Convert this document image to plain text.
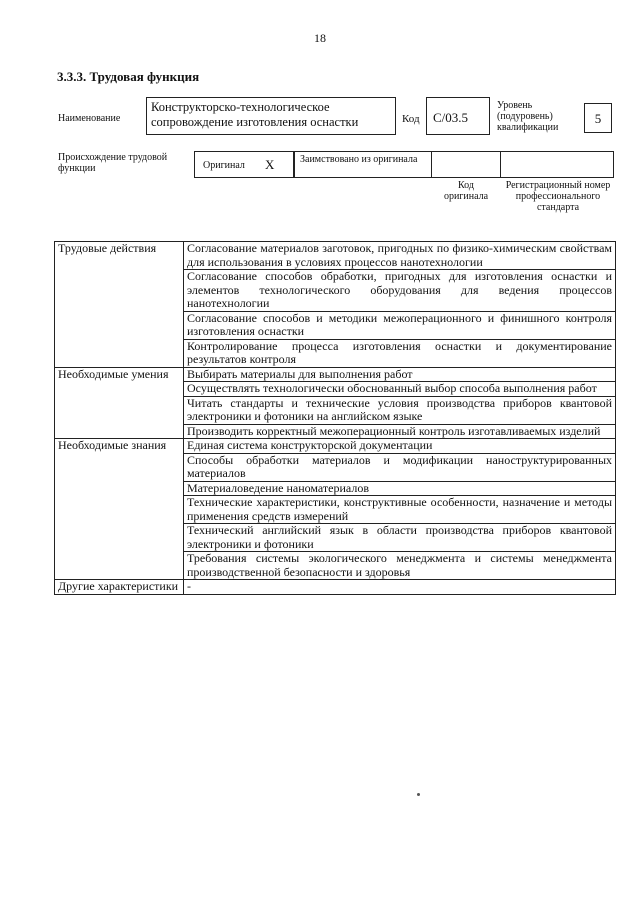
18
3.3.3. Трудовая функция
Наименование
Конструкторско-технологическое сопровождение изготовления оснастки	Код	C/03.5
Уровень (подуровень) квалификации
5
Происхождение трудовой функции	Оригинал X	Заимствовано из оригинала
Код оригинала
Регистрационный номер профессионального стандарта
Трудовые действия	Согласование материалов заготовок, пригодных по физико-химическим свойствам для использования в условиях процессов нанотехнологии
	Согласование способов обработки, пригодных для изготовления оснастки и элементов технологического оборудования для ведения процессов нанотехнологии
	Согласование способов и методики межоперационного и финишного контроля изготовления оснастки
	Контролирование процесса изготовления оснастки и документирование результатов контроля
Необходимые умения	Выбирать материалы для выполнения работ
	Осуществлять технологически обоснованный выбор способа выполнения работ
	Читать стандарты и технические условия производства приборов квантовой электроники и фотоники на английском языке
	Производить корректный межоперационный контроль изготавливаемых изделий
Необходимые знания	Единая система конструкторской документации
	Способы обработки материалов и модификации наноструктурированных материалов
	Материаловедение наноматериалов
	Технические характеристики, конструктивные особенности, назначение и методы применения средств измерений
	Технический английский язык в области производства приборов квантовой электроники и фотоники
	Требования системы экологического менеджмента и системы менеджмента производственной безопасности и здоровья
Другие характеристики	-
